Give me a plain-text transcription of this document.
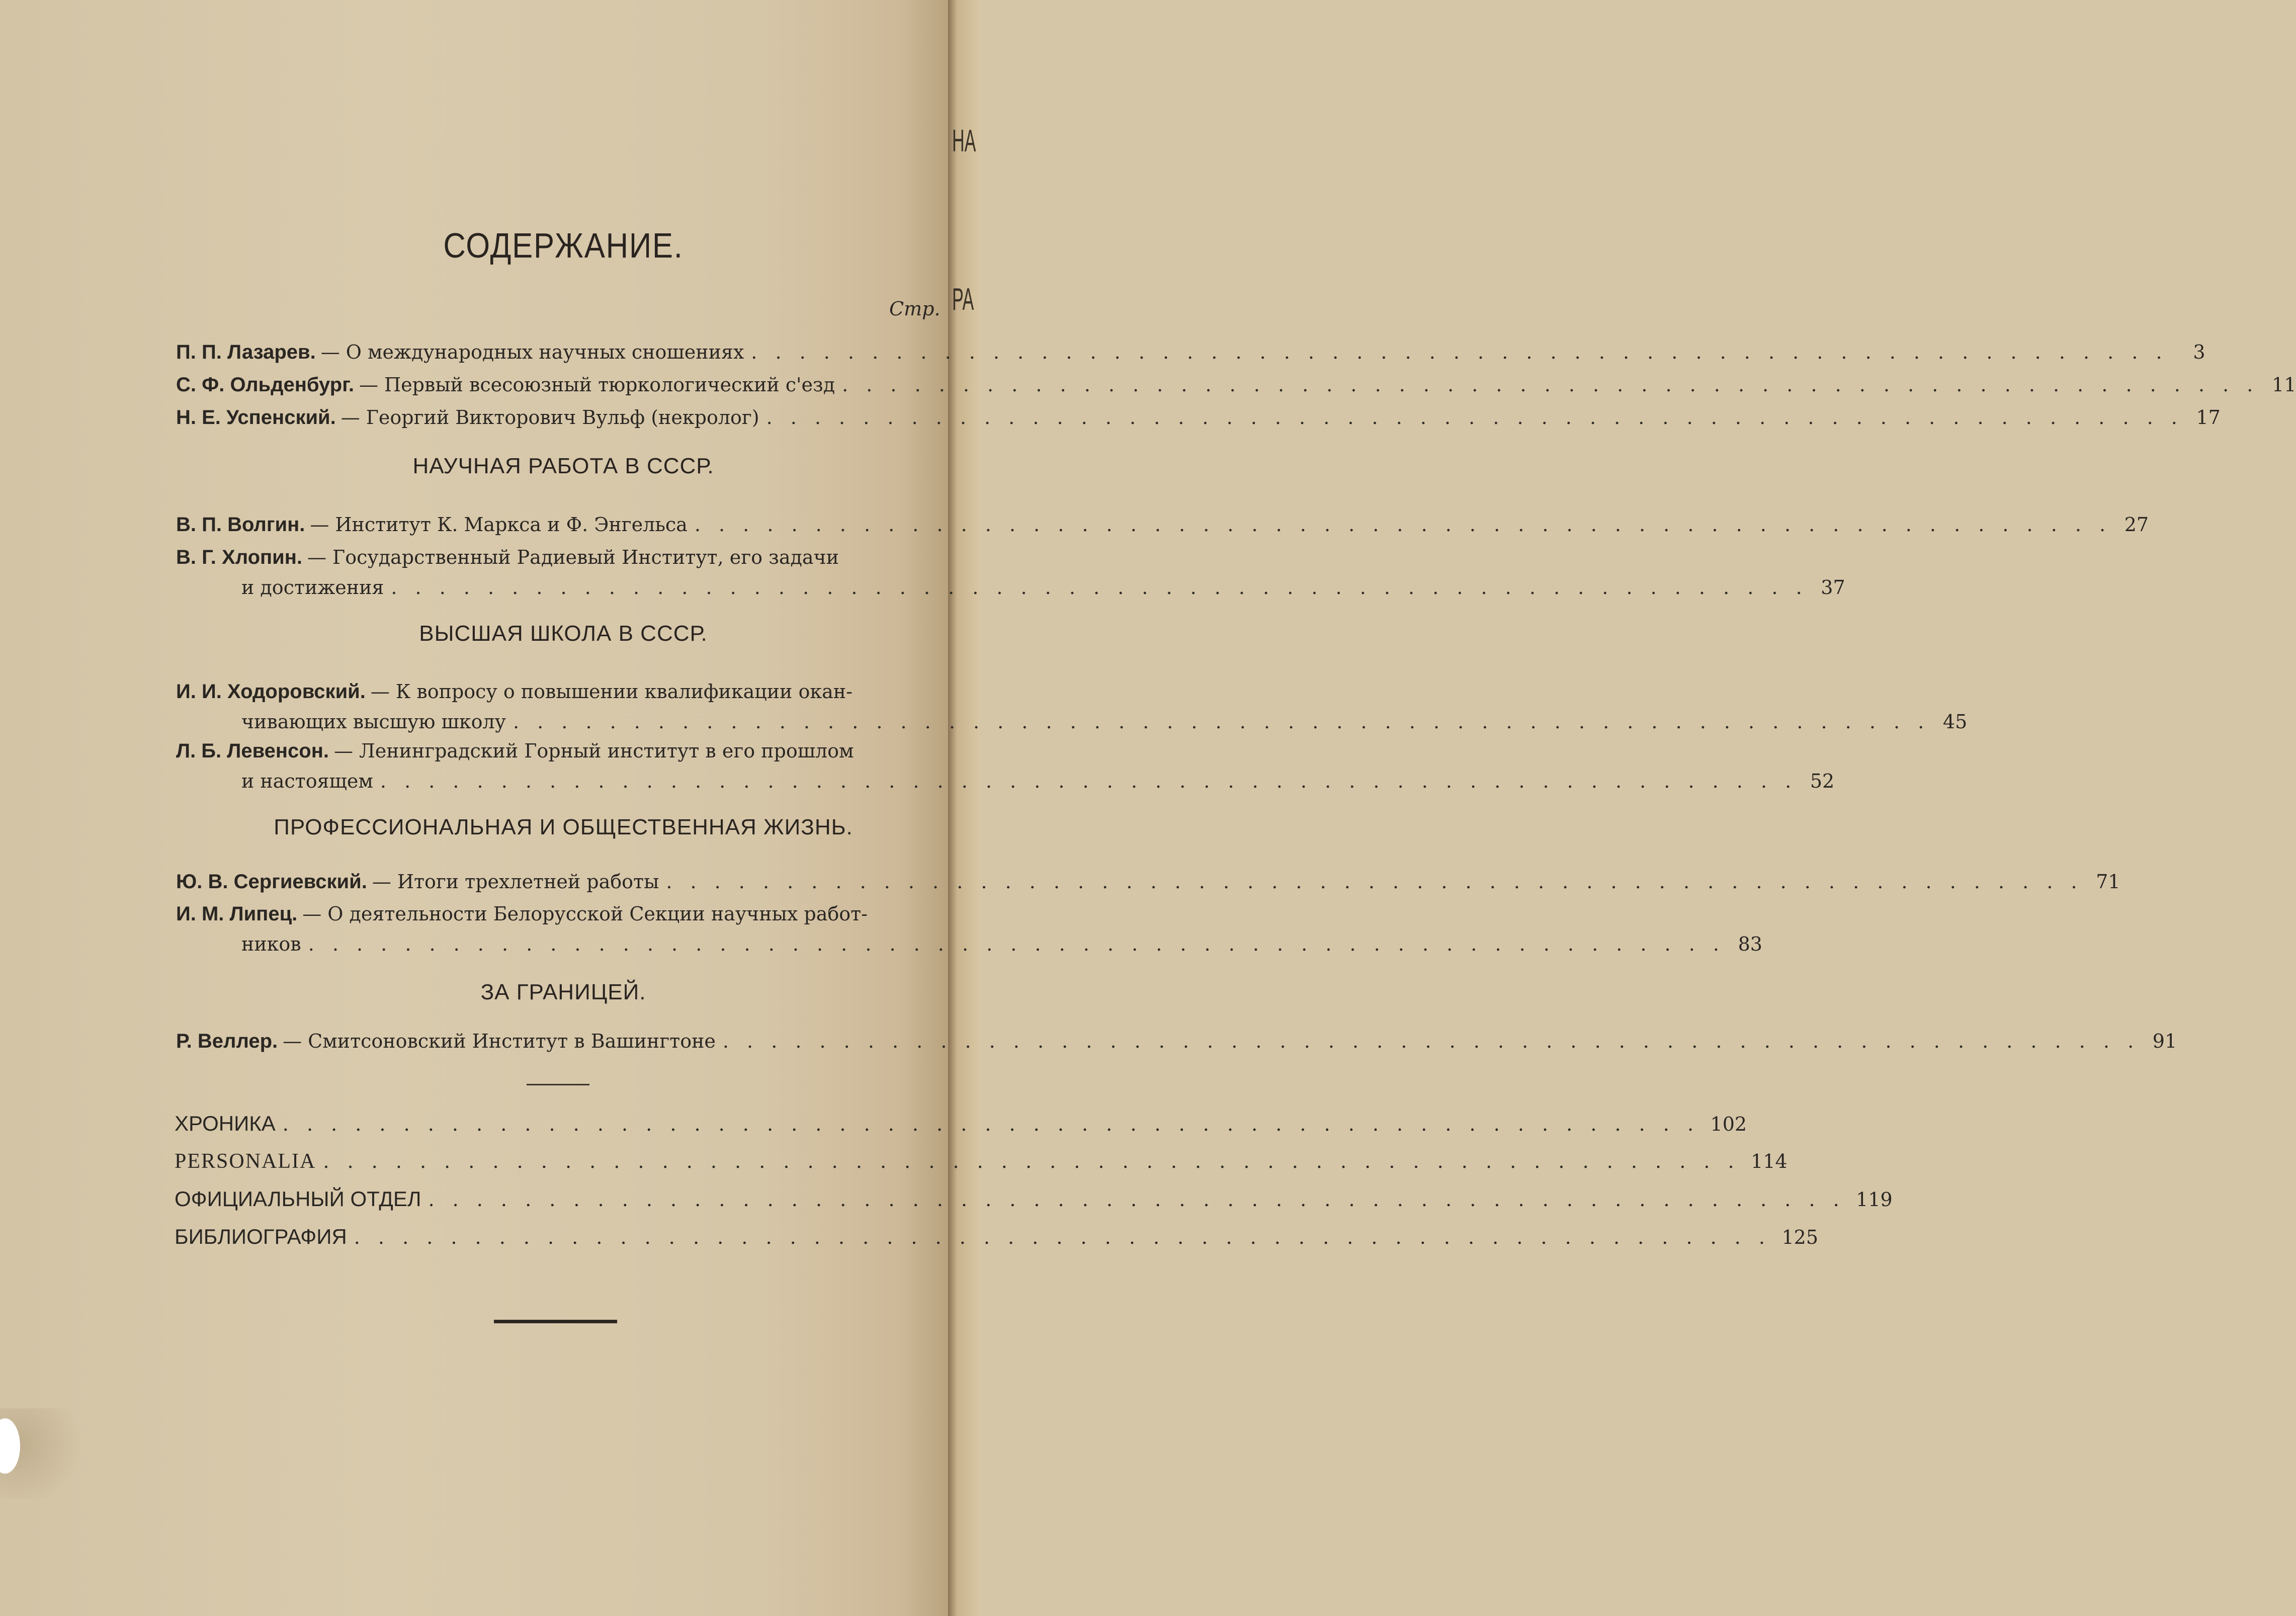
НА
РА
СОДЕРЖАНИЕ.
Стр.
П. П. Лазарев. — О международных научных сношениях . . . . . . . . . . . . . . . . . . . . . . . . . . . . . . . . . . . . . . . . . . . . . . . . . . . . . . . . . . .	3
С. Ф. Ольденбург. — Первый всесоюзный тюркологический с'езд . . . . . . . . . . . . . . . . . . . . . . . . . . . . . . . . . . . . . . . . . . . . . . . . . . . . . . . . . . . 11
Н. Е. Успенский. — Георгий Викторович Вульф (некролог) . . . . . . . . . . . . . . . . . . . . . . . . . . . . . . . . . . . . . . . . . . . . . . . . . . . . . . . . . . . 17
НАУЧНАЯ РАБОТА В СССР.
В. П. Волгин. — Институт К. Маркса и Ф. Энгельса . . . . . . . . . . . . . . . . . . . . . . . . . . . . . . . . . . . . . . . . . . . . . . . . . . . . . . . . . . . 27
В. Г. Хлопин. — Государственный Радиевый Институт, его задачи
и достижения . . . . . . . . . . . . . . . . . . . . . . . . . . . . . . . . . . . . . . . . . . . . . . . . . . . . . . . . . . . 37
ВЫСШАЯ ШКОЛА В СССР.
И. И. Ходоровский. — К вопросу о повышении квалификации окан-
чивающих высшую школу . . . . . . . . . . . . . . . . . . . . . . . . . . . . . . . . . . . . . . . . . . . . . . . . . . . . . . . . . . . 45
Л. Б. Левенсон. — Ленинградский Горный институт в его прошлом
и настоящем . . . . . . . . . . . . . . . . . . . . . . . . . . . . . . . . . . . . . . . . . . . . . . . . . . . . . . . . . . . 52
ПРОФЕССИОНАЛЬНАЯ И ОБЩЕСТВЕННАЯ ЖИЗНЬ.
Ю. В. Сергиевский. — Итоги трехлетней работы . . . . . . . . . . . . . . . . . . . . . . . . . . . . . . . . . . . . . . . . . . . . . . . . . . . . . . . . . . . 71
И. М. Липец. — О деятельности Белорусской Секции научных работ-
ников . . . . . . . . . . . . . . . . . . . . . . . . . . . . . . . . . . . . . . . . . . . . . . . . . . . . . . . . . . . 83
ЗА ГРАНИЦЕЙ.
Р. Веллер. — Смитсоновский Институт в Вашингтоне . . . . . . . . . . . . . . . . . . . . . . . . . . . . . . . . . . . . . . . . . . . . . . . . . . . . . . . . . . . 91
ХРОНИКА . . . . . . . . . . . . . . . . . . . . . . . . . . . . . . . . . . . . . . . . . . . . . . . . . . . . . . . . . . . 102
PERSONALIA . . . . . . . . . . . . . . . . . . . . . . . . . . . . . . . . . . . . . . . . . . . . . . . . . . . . . . . . . . . 114
ОФИЦИАЛЬНЫЙ ОТДЕЛ . . . . . . . . . . . . . . . . . . . . . . . . . . . . . . . . . . . . . . . . . . . . . . . . . . . . . . . . . . . 119
БИБЛИОГРАФИЯ . . . . . . . . . . . . . . . . . . . . . . . . . . . . . . . . . . . . . . . . . . . . . . . . . . . . . . . . . . . 125
